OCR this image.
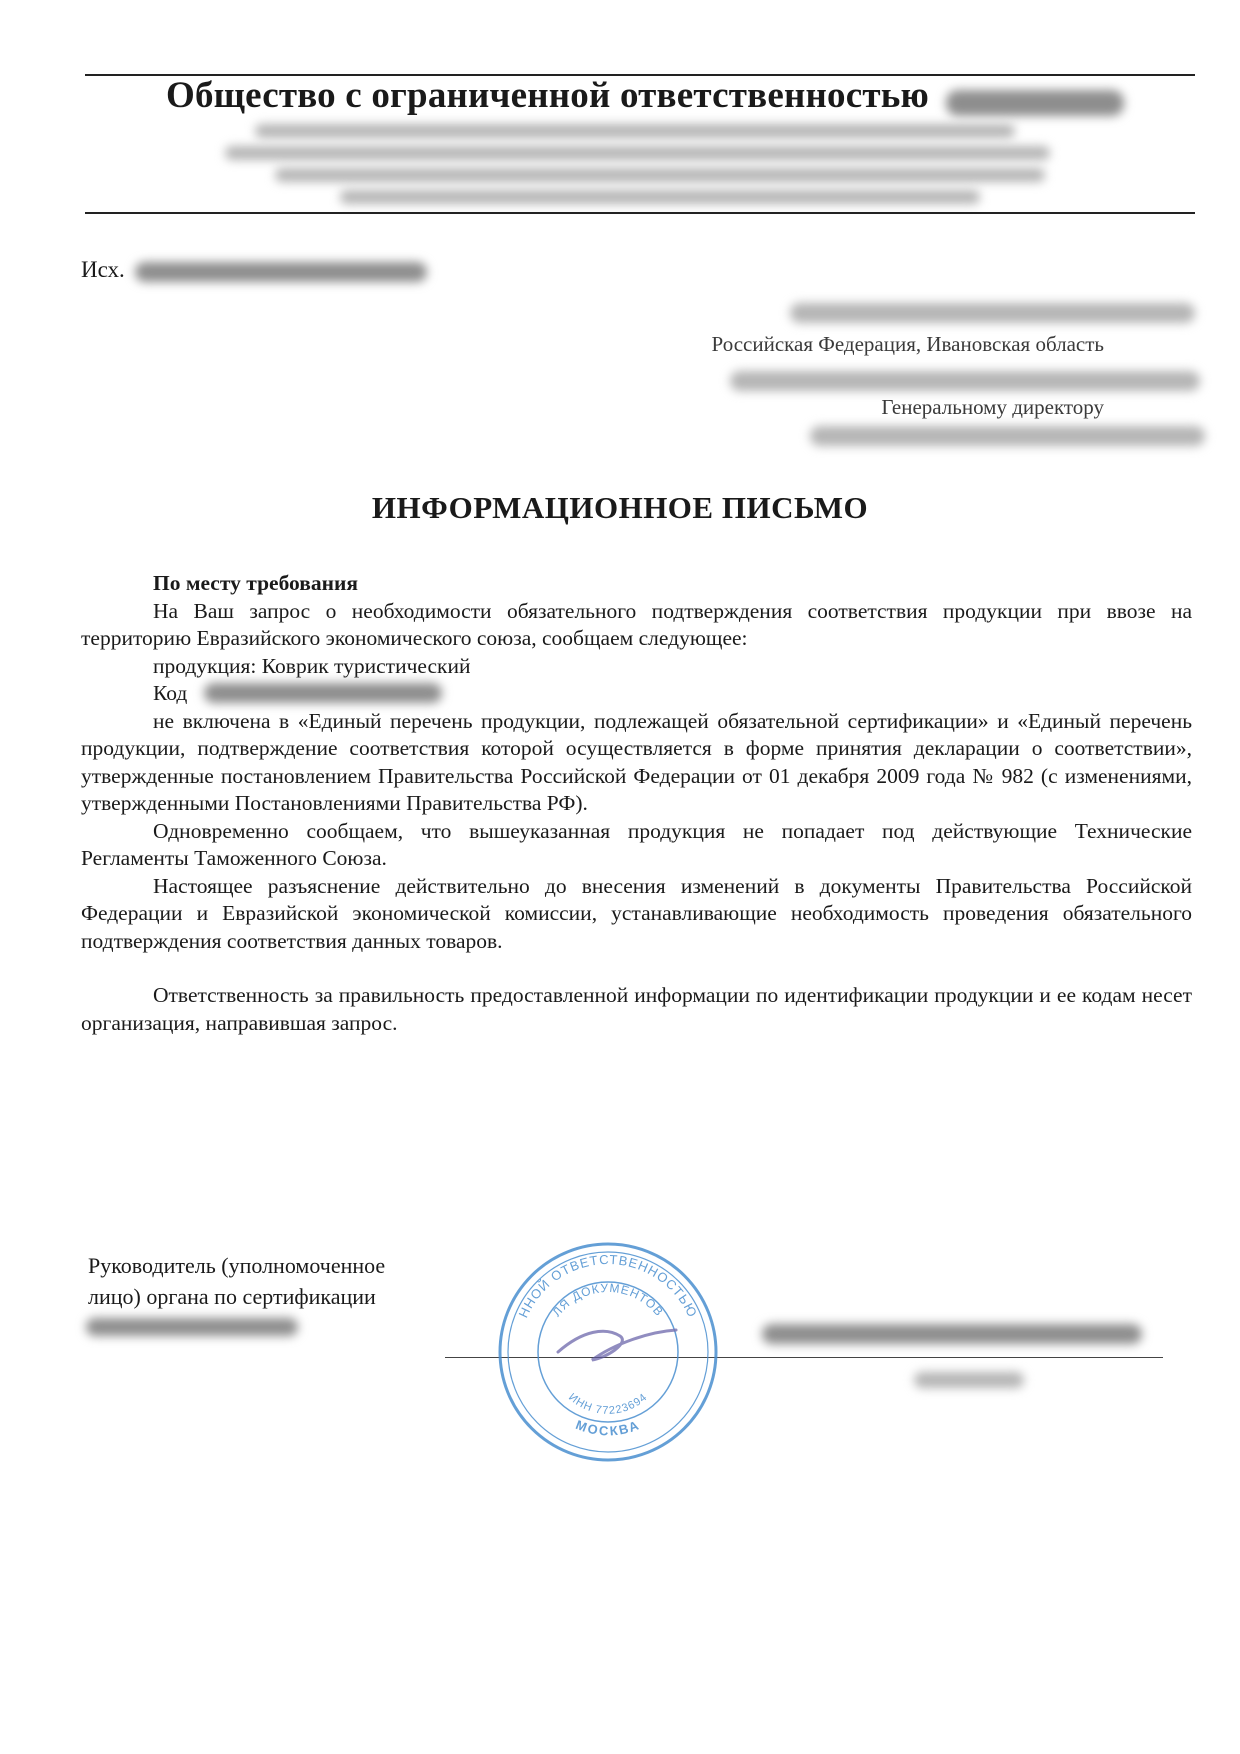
Общество с ограниченной ответственностью
Исх.
Российская Федерация, Ивановская область
Генеральному директору
ИНФОРМАЦИОННОЕ ПИСЬМО

По месту требования

На Ваш запрос о необходимости обязательного подтверждения соответствия продукции при ввозе на территорию Евразийского экономического союза, сообщаем следующее:

продукция: Коврик туристический

Код

не включена в «Единый перечень продукции, подлежащей обязательной сертификации» и «Единый перечень продукции, подтверждение соответствия которой осуществляется в форме принятия декларации о соответствии», утвержденные постановлением Правительства Российской Федерации от 01 декабря 2009 года № 982 (с изменениями, утвержденными Постановлениями Правительства РФ).

Одновременно сообщаем, что вышеуказанная продукция не попадает под действующие Технические Регламенты Таможенного Союза.

Настоящее разъяснение действительно до внесения изменений в документы Правительства Российской Федерации и Евразийской экономической комиссии, устанавливающие необходимость проведения обязательного подтверждения соответствия данных товаров.

Ответственность за правильность предоставленной информации по идентификации продукции и ее кодам несет организация, направившая запрос.

Руководитель (уполномоченное
лицо) органа по сертификации
ННОЙ ОТВЕТСТВЕННОСТЬЮ
ЛЯ ДОКУМЕНТОВ
ИНН 77223694
МОСКВА
